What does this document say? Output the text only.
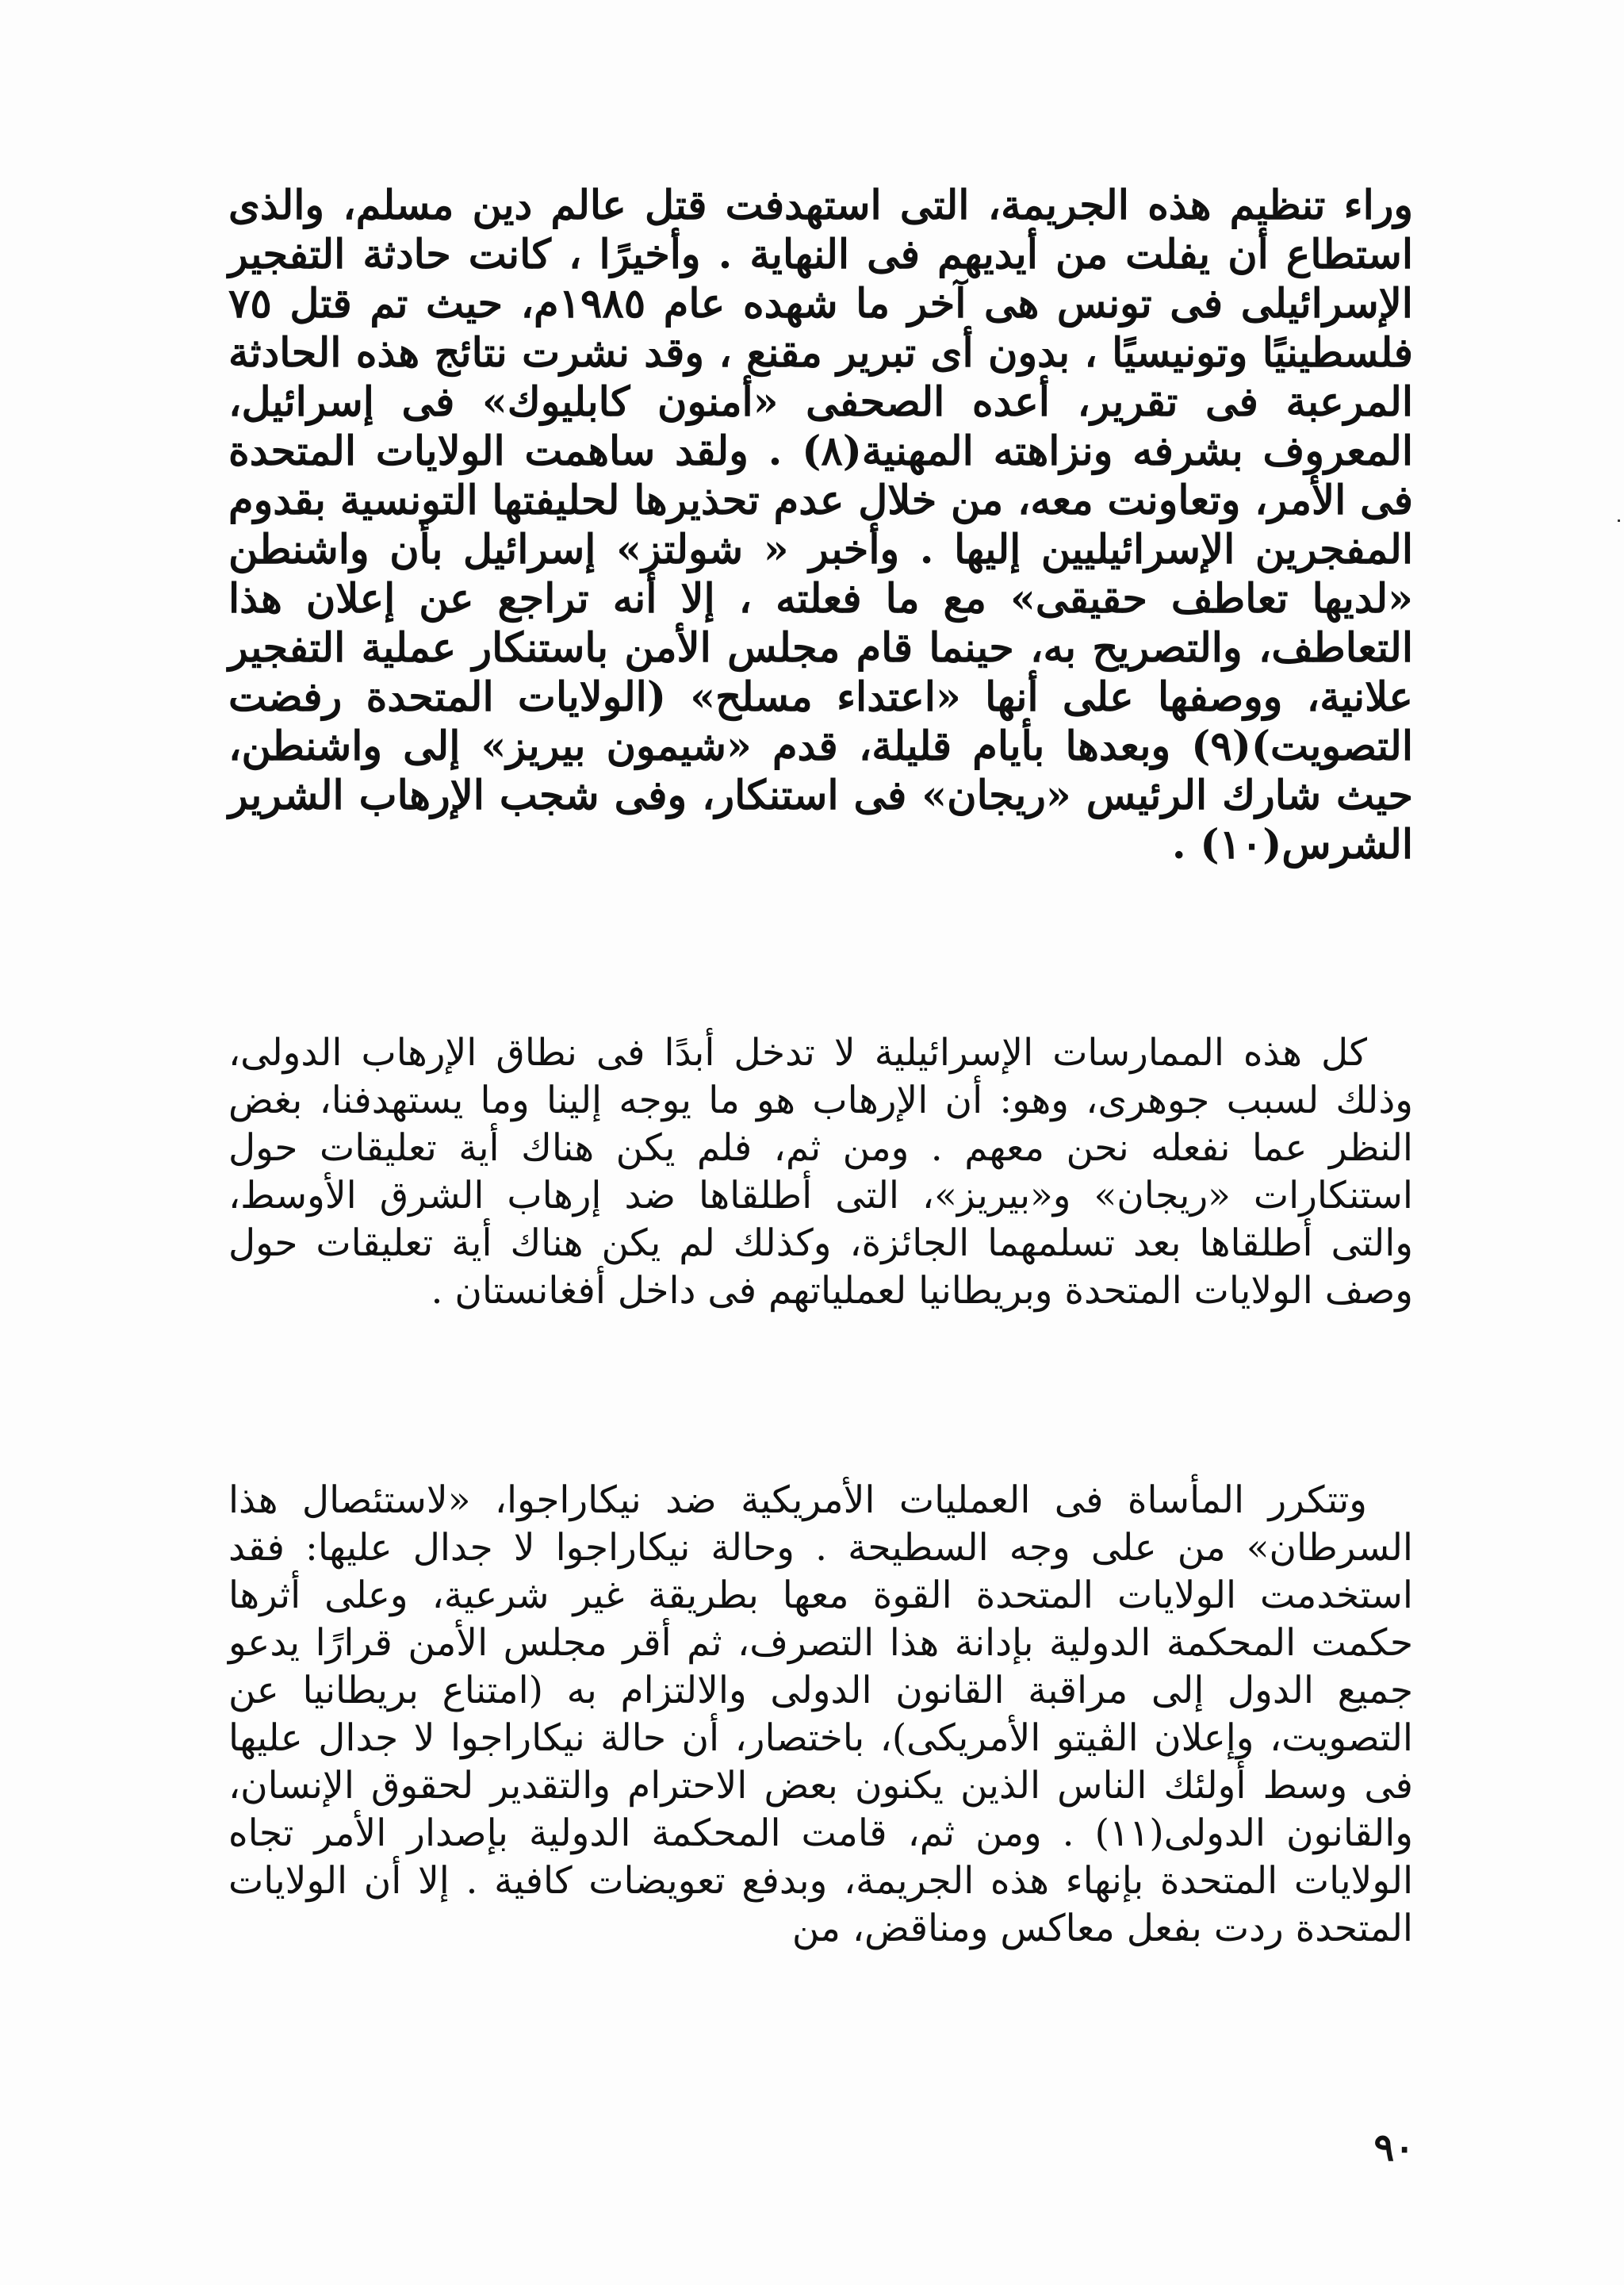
وراء تنظيم هذه الجريمة، التى استهدفت قتل عالم دين مسلم، والذى استطاع أن يفلت من أيديهم فى النهاية . وأخيرًا ، كانت حادثة التفجير الإسرائيلى فى تونس هى آخر ما شهده عام ١٩٨٥م، حيث تم قتل ٧٥ فلسطينيًا وتونيسيًا ، بدون أى تبرير مقنع ، وقد نشرت نتائج هذه الحادثة المرعبة فى تقرير، أعده الصحفى «أمنون كابليوك» فى إسرائيل، المعروف بشرفه ونزاهته المهنية(٨) . ولقد ساهمت الولايات المتحدة فى الأمر، وتعاونت معه، من خلال عدم تحذيرها لحليفتها التونسية بقدوم المفجرين الإسرائيليين إليها . وأخبر « شولتز» إسرائيل بأن واشنطن «لديها تعاطف حقيقى» مع ما فعلته ، إلا أنه تراجع عن إعلان هذا التعاطف، والتصريح به، حينما قام مجلس الأمن باستنكار عملية التفجير علانية، ووصفها على أنها «اعتداء مسلح» (الولايات المتحدة رفضت التصويت)(٩) وبعدها بأيام قليلة، قدم «شيمون بيريز» إلى واشنطن، حيث شارك الرئيس «ريجان» فى استنكار، وفى شجب الإرهاب الشرير الشرس(١٠) .
كل هذه الممارسات الإسرائيلية لا تدخل أبدًا فى نطاق الإرهاب الدولى، وذلك لسبب جوهرى، وهو: أن الإرهاب هو ما يوجه إلينا وما يستهدفنا، بغض النظر عما نفعله نحن معهم . ومن ثم، فلم يكن هناك أية تعليقات حول استنكارات «ريجان» و«بيريز»، التى أطلقاها ضد إرهاب الشرق الأوسط، والتى أطلقاها بعد تسلمهما الجائزة، وكذلك لم يكن هناك أية تعليقات حول وصف الولايات المتحدة وبريطانيا لعملياتهم فى داخل أفغانستان .
وتتكرر المأساة فى العمليات الأمريكية ضد نيكاراجوا، «لاستئصال هذا السرطان» من على وجه السطيحة . وحالة نيكاراجوا لا جدال عليها: فقد استخدمت الولايات المتحدة القوة معها بطريقة غير شرعية، وعلى أثرها حكمت المحكمة الدولية بإدانة هذا التصرف، ثم أقر مجلس الأمن قرارًا يدعو جميع الدول إلى مراقبة القانون الدولى والالتزام به (امتناع بريطانيا عن التصويت، وإعلان الڤيتو الأمريكى)، باختصار، أن حالة نيكاراجوا لا جدال عليها فى وسط أولئك الناس الذين يكنون بعض الاحترام والتقدير لحقوق الإنسان، والقانون الدولى(١١) . ومن ثم، قامت المحكمة الدولية بإصدار الأمر تجاه الولايات المتحدة بإنهاء هذه الجريمة، وبدفع تعويضات كافية . إلا أن الولايات المتحدة ردت بفعل معاكس ومناقض، من
٩٠
